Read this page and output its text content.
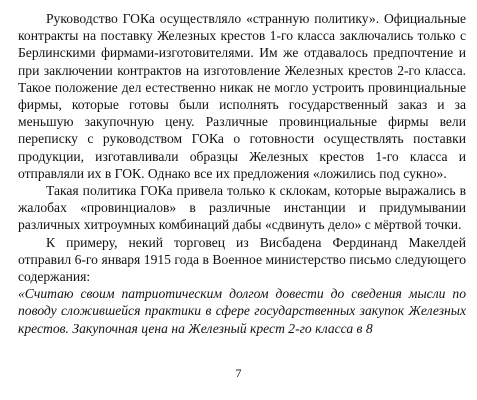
Руководство ГОКа осуществляло «странную политику». Официальные контракты на поставку Железных крестов 1-го класса заключались только с Берлинскими фирмами-изготовителями. Им же отдавалось предпочтение и при заключении контрактов на изготовление Железных крестов 2-го класса. Такое положение дел естественно никак не могло устроить провинциальные фирмы, которые готовы были исполнять государственный заказ и за меньшую закупочную цену. Различные провинциальные фирмы вели переписку с руководством ГОКа о готовности осуществлять поставки продукции, изготавливали образцы Железных крестов 1-го класса и отправляли их в ГОК. Однако все их предложения «ложились под сукно».

Такая политика ГОКа привела только к склокам, которые выражались в жалобах «провинциалов» в различные инстанции и придумывании различных хитроумных комбинаций дабы «сдвинуть дело» с мёртвой точки.

К примеру, некий торговец из Висбадена Фердинанд Макелдей отправил 6-го января 1915 года в Военное министерство письмо следующего содержания:

«Считаю своим патриотическим долгом довести до сведения мысли по поводу сложившейся практики в сфере государственных закупок Железных крестов. Закупочная цена на Железный крест 2-го класса в 8

7
